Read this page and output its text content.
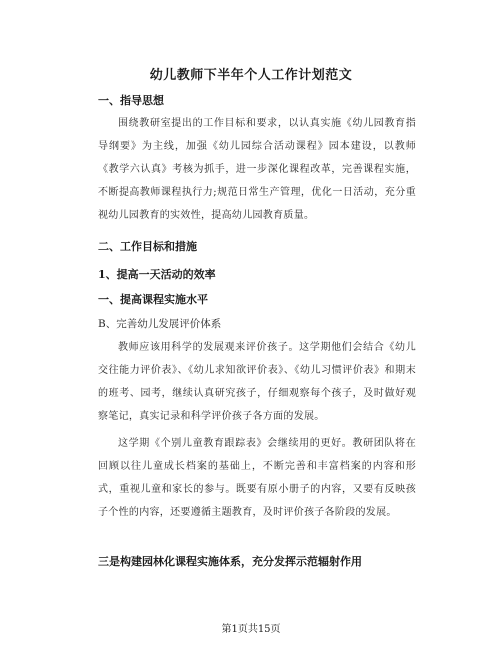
幼儿教师下半年个人工作计划范文
一、指导思想
围绕教研室提出的工作目标和要求，以认真实施《幼儿园教育指导纲要》为主线，加强《幼儿园综合活动课程》园本建设，以教师《教学六认真》考核为抓手，进一步深化课程改革，完善课程实施，不断提高教师课程执行力;规范日常生产管理，优化一日活动，充分重视幼儿园教育的实效性，提高幼儿园教育质量。
二、工作目标和措施
1、提高一天活动的效率
一、提高课程实施水平
B、完善幼儿发展评价体系
教师应该用科学的发展观来评价孩子。这学期他们会结合《幼儿交往能力评价表》、《幼儿求知欲评价表》、《幼儿习惯评价表》和期末的班考、园考，继续认真研究孩子，仔细观察每个孩子，及时做好观察笔记，真实记录和科学评价孩子各方面的发展。
这学期《个别儿童教育跟踪表》会继续用的更好。教研团队将在回顾以往儿童成长档案的基础上，不断完善和丰富档案的内容和形式，重视儿童和家长的参与。既要有原小册子的内容，又要有反映孩子个性的内容，还要遵循主题教育，及时评价孩子各阶段的发展。
三是构建园林化课程实施体系，充分发挥示范辐射作用
第1页共15页
